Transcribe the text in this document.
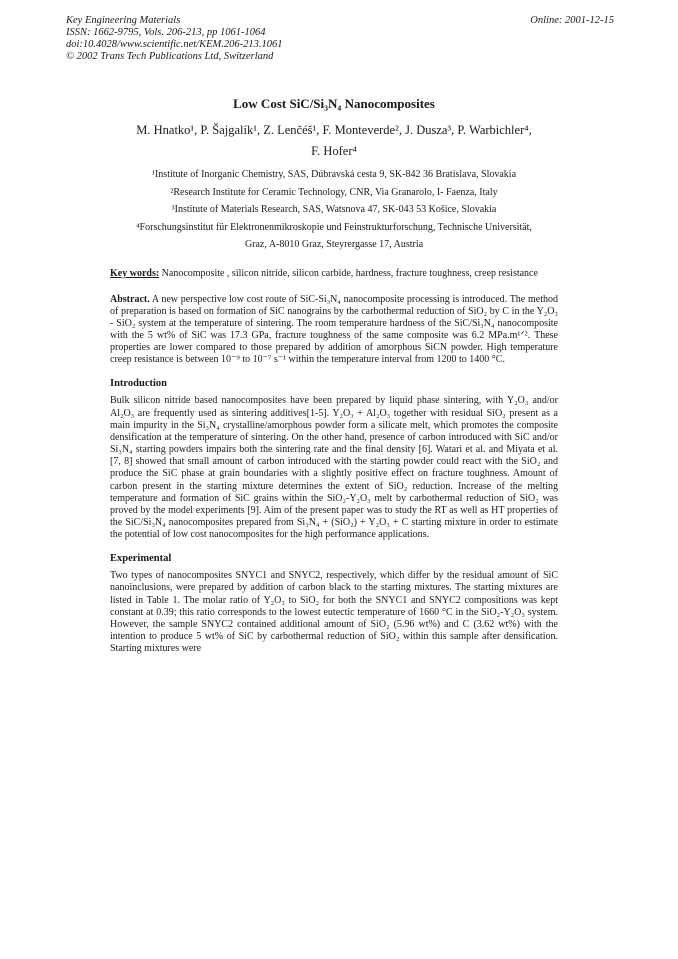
Key Engineering Materials
ISSN: 1662-9795, Vols. 206-213, pp 1061-1064
doi:10.4028/www.scientific.net/KEM.206-213.1061
© 2002 Trans Tech Publications Ltd, Switzerland
Online: 2001-12-15
Low Cost SiC/Si₃N₄ Nanocomposites
M. Hnatko¹, P. Šajgalík¹, Z. Lenčéš¹, F. Monteverde², J. Dusza³, P. Warbichler⁴,
F. Hofer⁴
¹Institute of Inorganic Chemistry, SAS, Dúbravská cesta 9, SK-842 36 Bratislava, Slovakia
²Research Institute for Ceramic Technology, CNR, Via Granarolo, I- Faenza, Italy
³Institute of Materials Research, SAS, Watsnova 47, SK-043 53 Košice, Slovakia
⁴Forschungsinstitut für Elektronenmikroskopie und Feinstrukturforschung, Technische Universität,
Graz, A-8010 Graz, Steyrergasse 17, Austria
Key words: Nanocomposite , silicon nitride, silicon carbide, hardness, fracture toughness, creep resistance

Abstract. A new perspective low cost route of SiC-Si₃N₄ nanocomposite processing is introduced. The method of preparation is based on formation of SiC nanograins by the carbothermal reduction of SiO₂ by C in the Y₂O₃ - SiO₂ system at the temperature of sintering. The room temperature hardness of the SiC/Si₃N₄ nanocomposite with the 5 wt% of SiC was 17.3 GPa, fracture toughness of the same composite was 6.2 MPa.m¹ᐟ². These properties are lower compared to those prepared by addition of amorphous SiCN powder. High temperature creep resistance is between 10⁻⁹ to 10⁻⁷ s⁻¹ within the temperature interval from 1200 to 1400 °C.

Introduction

Bulk silicon nitride based nanocomposites have been prepared by liquid phase sintering, with Y₂O₃ and/or Al₂O₃ are frequently used as sintering additives[1-5]. Y₂O₃ + Al₂O₃ together with residual SiO₂ present as a main impurity in the Si₃N₄ crystalline/amorphous powder form a silicate melt, which promotes the composite densification at the temperature of sintering. On the other hand, presence of carbon introduced with SiC and/or Si₃N₄ starting powders impairs both the sintering rate and the final density [6]. Watari et al. and Miyata et al. [7, 8] showed that small amount of carbon introduced with the starting powder could react with the SiO₂ and produce the SiC phase at grain boundaries with a slightly positive effect on fracture toughness. Amount of carbon present in the starting mixture determines the extent of SiO₂ reduction. Increase of the melting temperature and formation of SiC grains within the SiO₂-Y₂O₃ melt by carbothermal reduction of SiO₂ was proved by the model experiments [9]. Aim of the present paper was to study the RT as well as HT properties of the SiC/Si₃N₄ nanocomposites prepared from Si₃N₄ + (SiO₂) + Y₂O₃ + C starting mixture in order to estimate the potential of low cost nanocomposites for the high performance applications.

Experimental

Two types of nanocomposites SNYC1 and SNYC2, respectively, which differ by the residual amount of SiC nanoinclusions, were prepared by addition of carbon black to the starting mixtures. The starting mixtures are listed in Table 1. The molar ratio of Y₂O₃ to SiO₂ for both the SNYC1 and SNYC2 compositions was kept constant at 0.39; this ratio corresponds to the lowest eutectic temperature of 1660 °C in the SiO₂-Y₂O₃ system. However, the sample SNYC2 contained additional amount of SiO₂ (5.96 wt%) and C (3.62 wt%) with the intention to produce 5 wt% of SiC by carbothermal reduction of SiO₂ within this sample after densification. Starting mixtures were
